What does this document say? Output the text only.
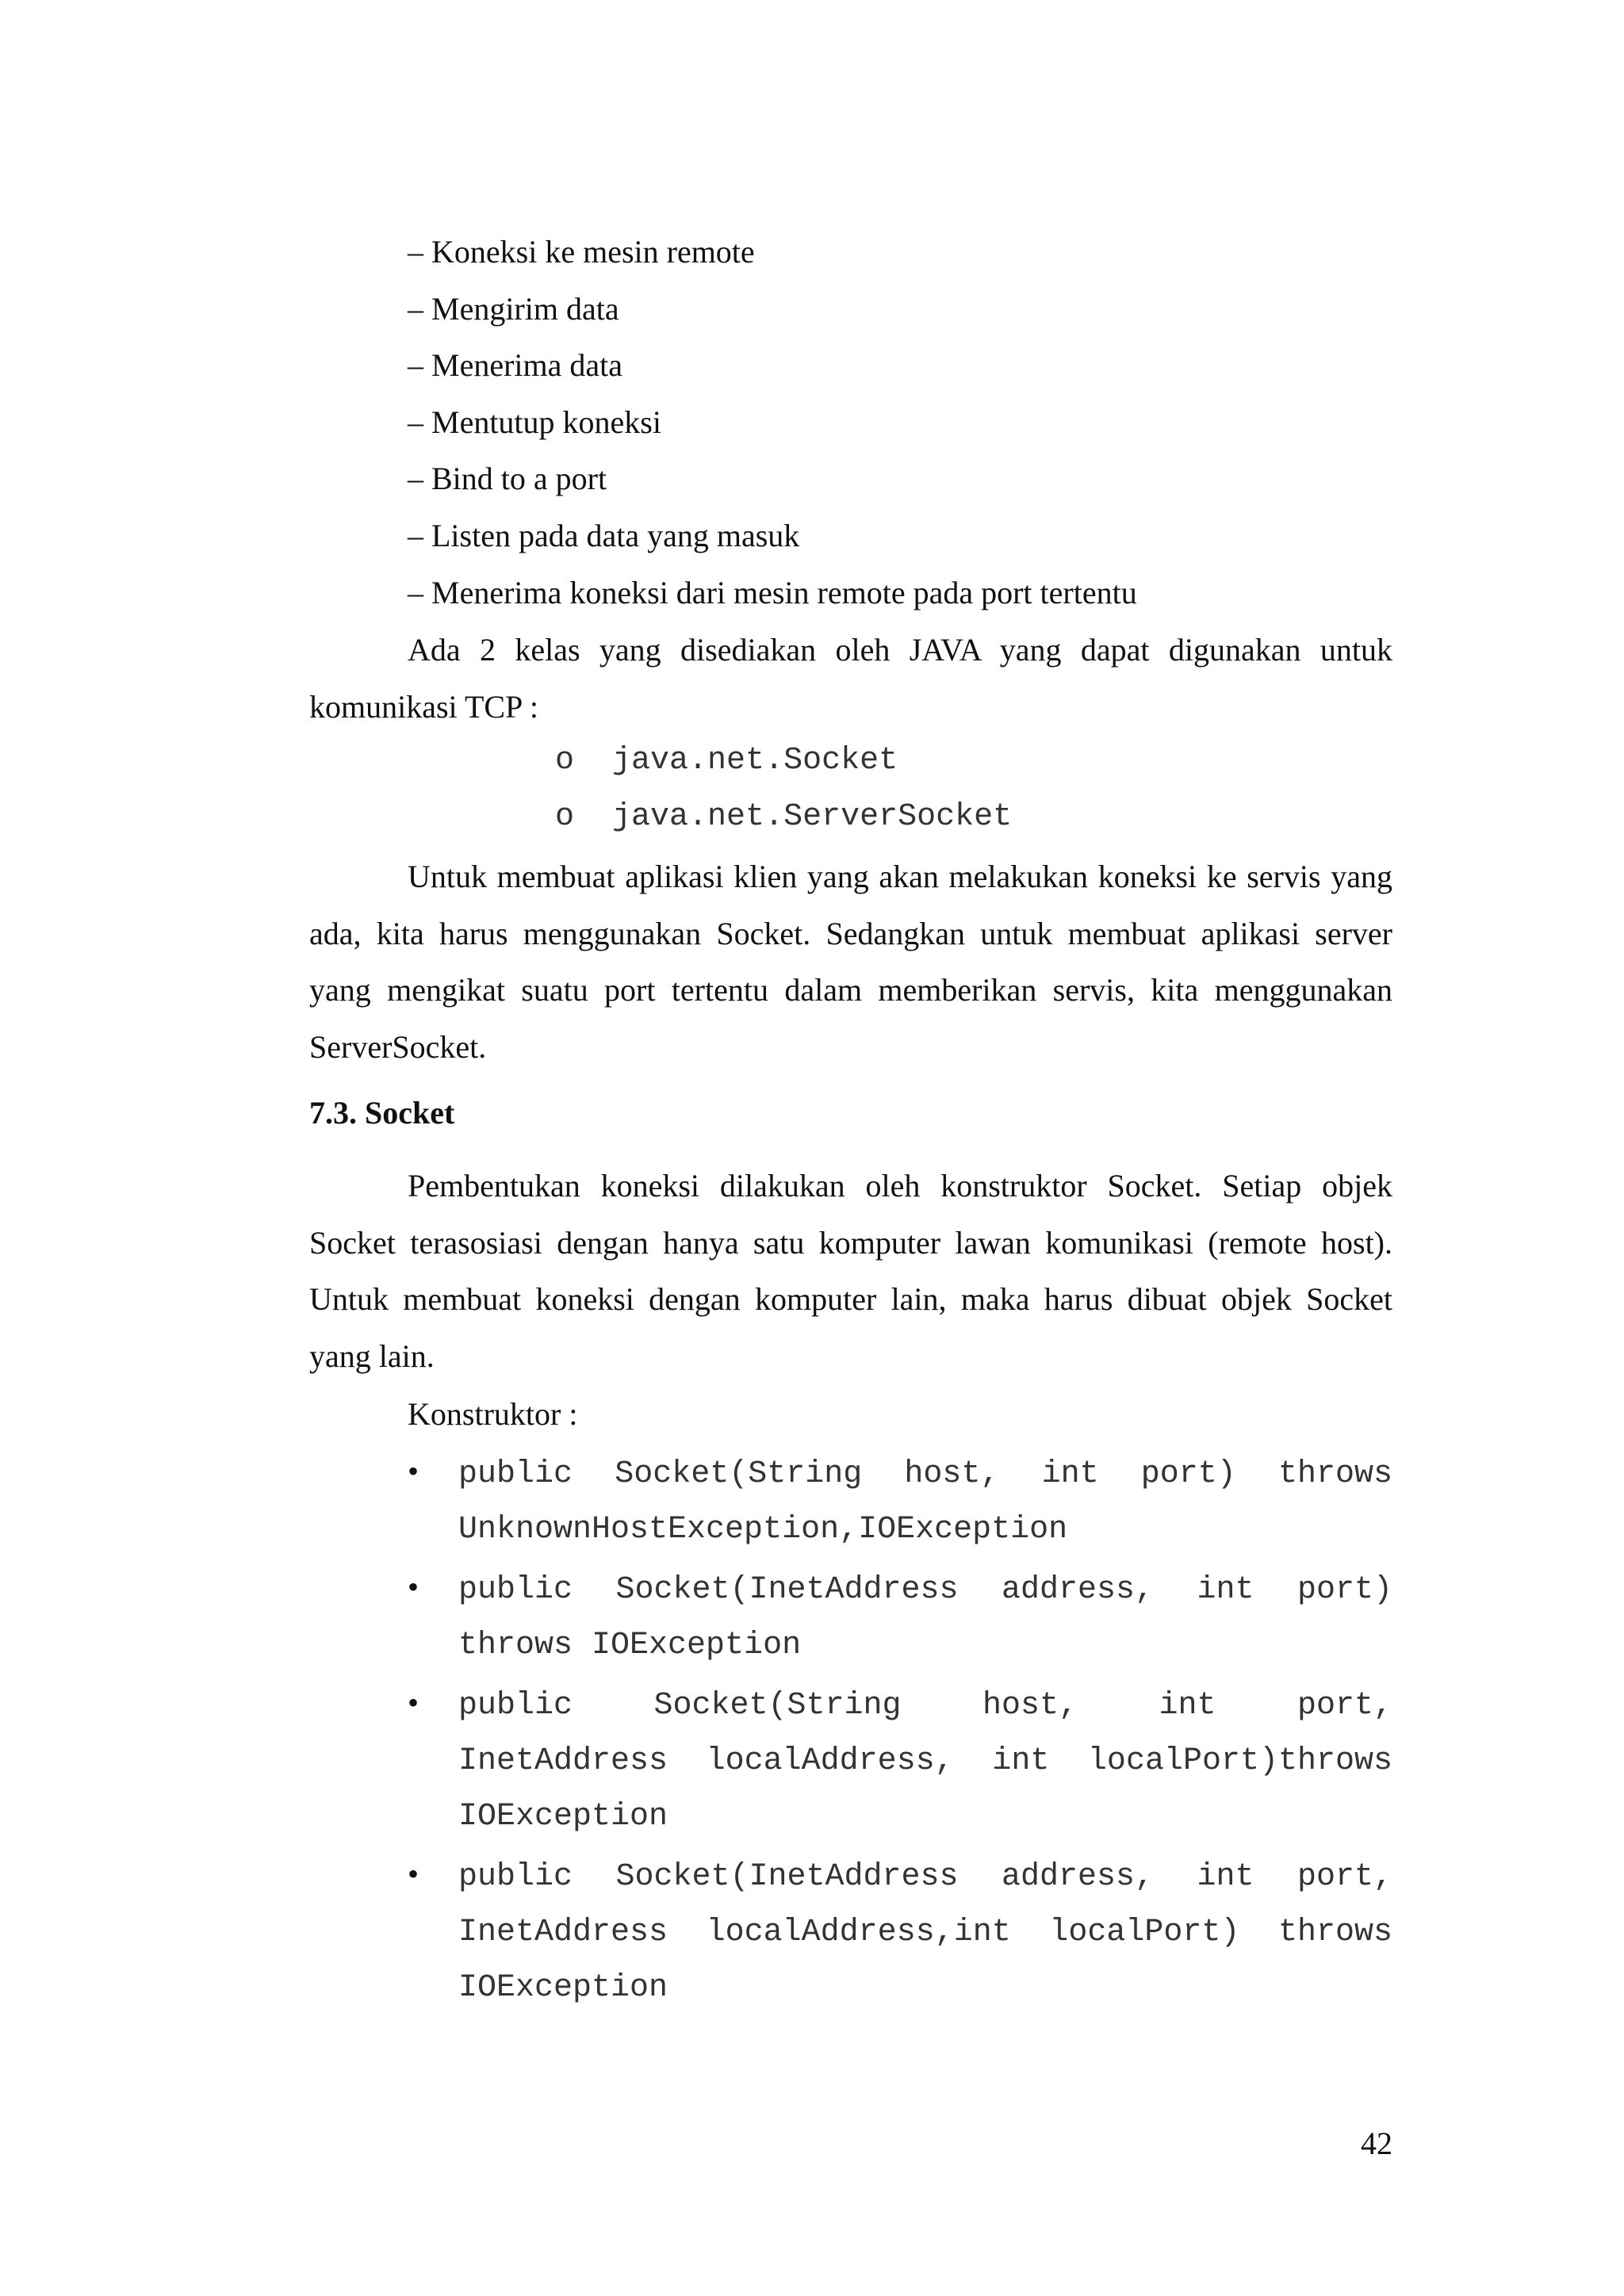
– Koneksi ke mesin remote
– Mengirim data
– Menerima data
– Mentutup koneksi
– Bind to a port
– Listen pada data yang masuk
– Menerima koneksi dari mesin remote pada port tertentu

Ada 2 kelas yang disediakan oleh JAVA yang dapat digunakan untuk komunikasi TCP :

o java.net.Socket
o java.net.ServerSocket

Untuk membuat aplikasi klien yang akan melakukan koneksi ke servis yang ada, kita harus menggunakan Socket. Sedangkan untuk membuat aplikasi server yang mengikat suatu port tertentu dalam memberikan servis, kita menggunakan ServerSocket.

7.3. Socket

Pembentukan koneksi dilakukan oleh konstruktor Socket. Setiap objek Socket terasosiasi dengan hanya satu komputer lawan komunikasi (remote host). Untuk membuat koneksi dengan komputer lain, maka harus dibuat objek Socket yang lain.

Konstruktor :
• public Socket(String host, int port) throws
UnknownHostException,IOException
• public Socket(InetAddress address, int port)
throws IOException
• public Socket(String host, int port,
InetAddress localAddress, int localPort)throws
IOException
• public Socket(InetAddress address, int port,
InetAddress localAddress,int localPort) throws
IOException
42
